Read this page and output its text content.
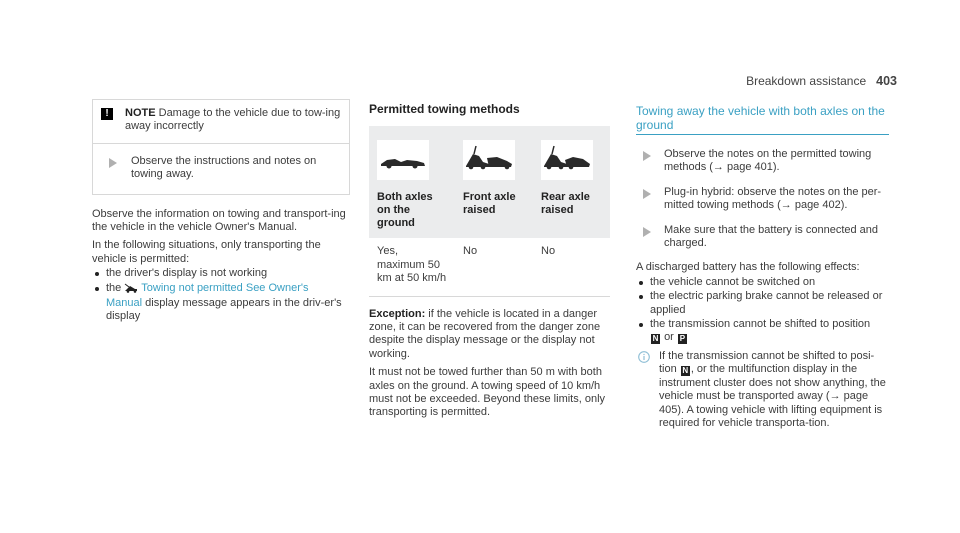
Breakdown assistance 403
!	NOTE Damage to the vehicle due to tow-ing away incorrectly
Observe the instructions and notes on towing away.

Observe the information on towing and transport-ing the vehicle in the vehicle Owner's Manual.

In the following situations, only transporting the vehicle is permitted:

the driver's display is not working
the Towing not permitted See Owner's Manual display message appears in the driv-er's display
Permitted towing methods
Both axles on the ground	Front axle raised	Rear axle raised
Yes, maximum 50 km at 50 km/h	No	No

Exception: if the vehicle is located in a danger zone, it can be recovered from the danger zone despite the display message or the display not working.

It must not be towed further than 50 m with both axles on the ground. A towing speed of 10 km/h must not be exceeded. Beyond these limits, only transporting is permitted.

Towing away the vehicle with both axles on the ground
Observe the notes on the permitted towing methods (→ page 401).
Plug-in hybrid: observe the notes on the per-mitted towing methods (→ page 402).
Make sure that the battery is connected and charged.

A discharged battery has the following effects:

the vehicle cannot be switched on
the electric parking brake cannot be released or applied
the transmission cannot be shifted to position
N or P
If the transmission cannot be shifted to posi-tion N , or the multifunction display in the instrument cluster does not show anything, the vehicle must be transported away (→ page 405). A towing vehicle with lifting equipment is required for vehicle transporta-tion.
